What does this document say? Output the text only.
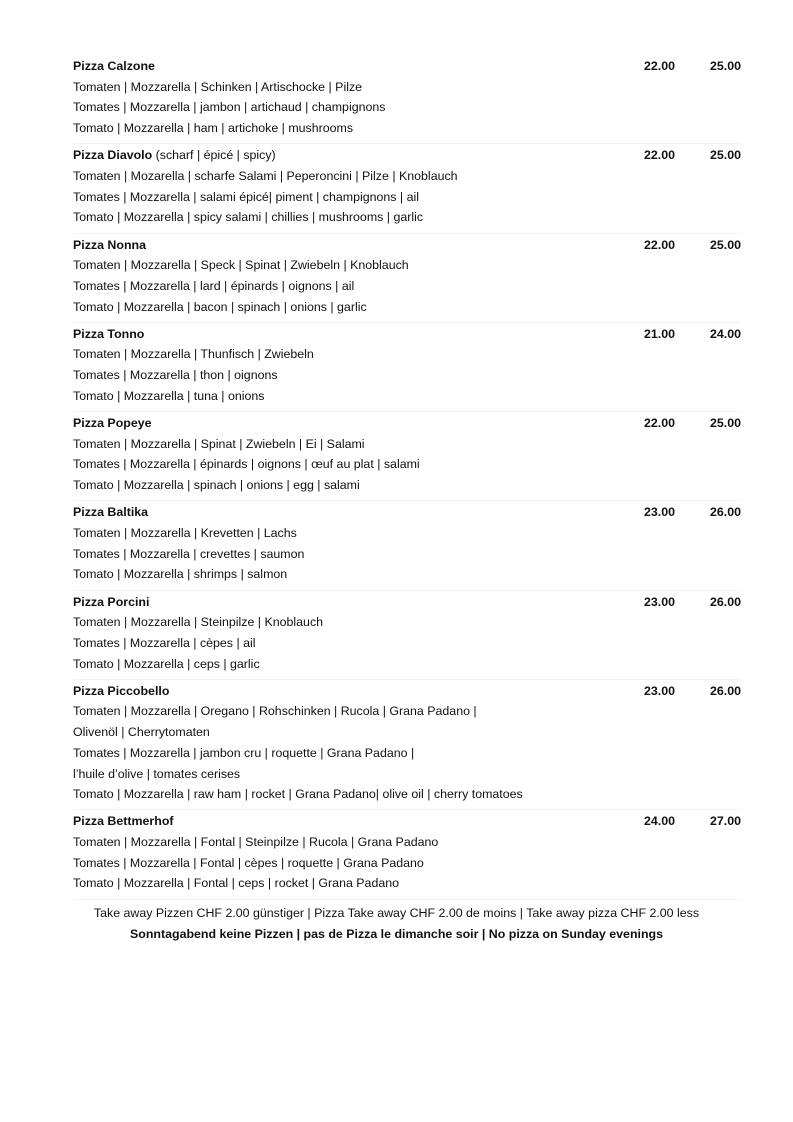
Pizza Calzone	22.00	25.00
Tomaten | Mozzarella | Schinken | Artischocke | Pilze
Tomates | Mozzarella | jambon | artichaud | champignons
Tomato | Mozzarella | ham | artichoke | mushrooms
Pizza Diavolo (scharf | épicé | spicy)	22.00	25.00
Tomaten | Mozarella | scharfe Salami | Peperoncini | Pilze | Knoblauch
Tomates | Mozzarella | salami épicé| piment | champignons | ail
Tomato | Mozzarella | spicy salami | chillies | mushrooms | garlic
Pizza Nonna	22.00	25.00
Tomaten | Mozzarella | Speck | Spinat | Zwiebeln | Knoblauch
Tomates | Mozzarella | lard | épinards | oignons | ail
Tomato | Mozzarella | bacon | spinach | onions | garlic
Pizza Tonno	21.00	24.00
Tomaten | Mozzarella | Thunfisch | Zwiebeln
Tomates | Mozzarella | thon | oignons
Tomato | Mozzarella | tuna | onions
Pizza Popeye	22.00	25.00
Tomaten | Mozzarella | Spinat | Zwiebeln | Ei | Salami
Tomates | Mozzarella | épinards | oignons | œuf au plat | salami
Tomato | Mozzarella | spinach | onions | egg | salami
Pizza Baltika	23.00	26.00
Tomaten | Mozzarella | Krevetten | Lachs
Tomates | Mozzarella | crevettes | saumon
Tomato | Mozzarella | shrimps | salmon
Pizza Porcini	23.00	26.00
Tomaten | Mozzarella | Steinpilze | Knoblauch
Tomates | Mozzarella | cèpes | ail
Tomato | Mozzarella | ceps | garlic
Pizza Piccobello	23.00	26.00
Tomaten | Mozzarella | Oregano | Rohschinken | Rucola | Grana Padano |
Olivenöl | Cherrytomaten
Tomates | Mozzarella | jambon cru | roquette | Grana Padano |
l’huile d’olive | tomates cerises
Tomato | Mozzarella | raw ham | rocket | Grana Padano| olive oil | cherry tomatoes
Pizza Bettmerhof	24.00	27.00
Tomaten | Mozzarella | Fontal | Steinpilze | Rucola | Grana Padano
Tomates | Mozzarella | Fontal | cèpes | roquette | Grana Padano
Tomato | Mozzarella | Fontal | ceps | rocket | Grana Padano
Take away Pizzen CHF 2.00 günstiger | Pizza Take away CHF 2.00 de moins | Take away pizza CHF 2.00 less
Sonntagabend keine Pizzen | pas de Pizza le dimanche soir | No pizza on Sunday evenings
